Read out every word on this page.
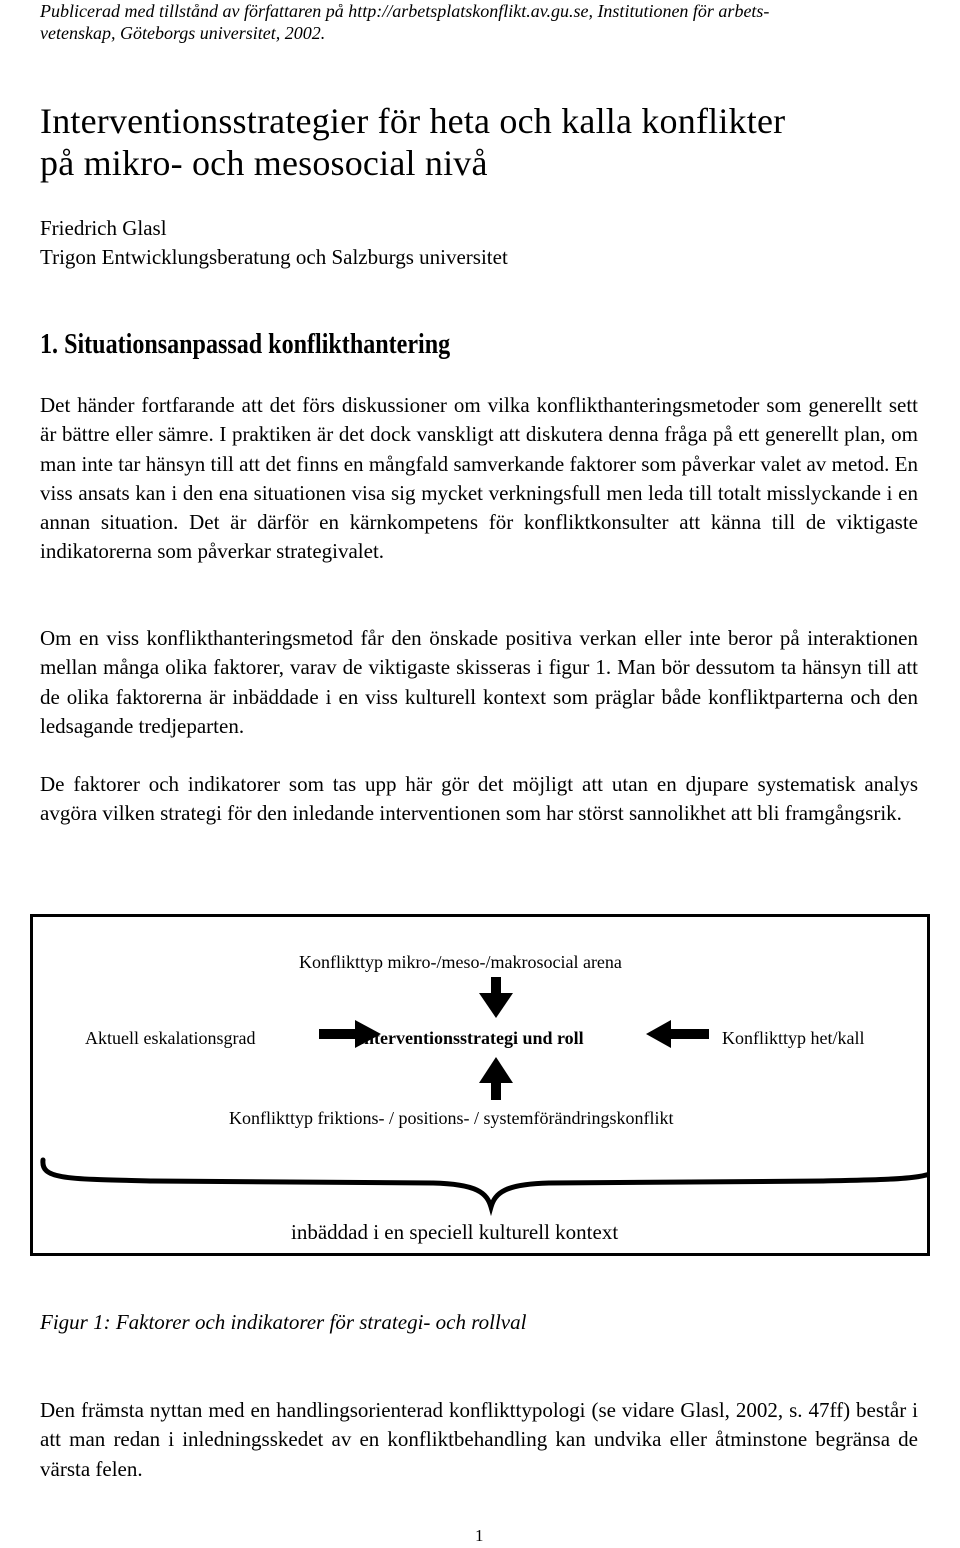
Publicerad med tillstånd av författaren på http://arbetsplatskonflikt.av.gu.se, Institutionen för arbets-
vetenskap, Göteborgs universitet, 2002.

Interventionsstrategier för heta och kalla konflikter
på mikro- och mesosocial nivå
Friedrich Glasl
Trigon Entwicklungsberatung och Salzburgs universitet
1. Situationsanpassad konflikthantering

Det händer fortfarande att det förs diskussioner om vilka konflikthanteringsmetoder som generellt sett är bättre eller sämre. I praktiken är det dock vanskligt att diskutera denna fråga på ett generellt plan, om man inte tar hänsyn till att det finns en mångfald samverkande faktorer som påverkar valet av metod. En viss ansats kan i den ena situationen visa sig mycket verkningsfull men leda till totalt misslyckande i en annan situation. Det är därför en kärnkompetens för konfliktkonsulter att känna till de viktigaste indikatorerna som påverkar strategivalet.

Om en viss konflikthanteringsmetod får den önskade positiva verkan eller inte beror på interaktionen mellan många olika faktorer, varav de viktigaste skisseras i figur 1. Man bör dessutom ta hänsyn till att de olika faktorerna är inbäddade i en viss kulturell kontext som präglar både konfliktparterna och den ledsagande tredjeparten.

De faktorer och indikatorer som tas upp här gör det möjligt att utan en djupare systematisk analys avgöra vilken strategi för den inledande interventionen som har störst sannolikhet att bli framgångsrik.

Konflikttyp mikro-/meso-/makrosocial arena
Aktuell eskalationsgrad	Interventionsstrategi und roll	Konflikttyp het/kall
Konflikttyp friktions- / positions- / systemförändringskonflikt
inbäddad i en speciell kulturell kontext

Figur 1: Faktorer och indikatorer för strategi- och rollval

Den främsta nyttan med en handlingsorienterad konflikttypologi (se vidare Glasl, 2002, s. 47ff) består i att man redan i inledningsskedet av en konfliktbehandling kan undvika eller åtminstone begränsa de värsta felen.

1
